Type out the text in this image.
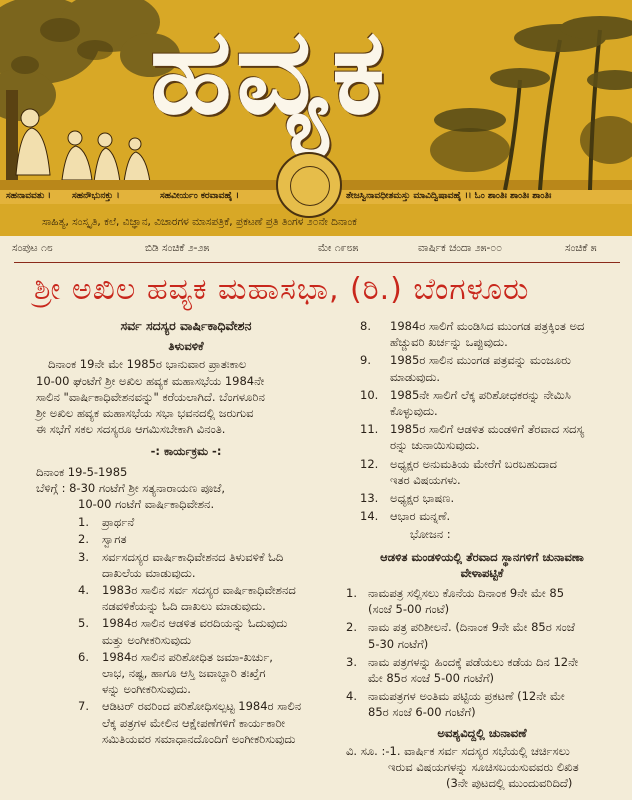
ಹವ್ಯಕ
ಸಹನಾವವತು । ಸಹನೌಭುನಕ್ತು ।	ಸಹವೀರ್ಯಂ ಕರವಾವಹೈ ।	ತೇಜಸ್ವಿನಾವಧೀತಮಸ್ತು ಮಾವಿದ್ವಿಷಾವಹೈ ।। ಓಂ ಶಾಂತಿಃ ಶಾಂತಿಃ ಶಾಂತಿಃ
ಸಾಹಿತ್ಯ, ಸಂಸ್ಕೃತಿ, ಕಲೆ, ವಿಜ್ಞಾನ, ವಿಚಾರಗಳ ಮಾಸಪತ್ರಿಕೆ, ಪ್ರಕಟಣೆ ಪ್ರತಿ ತಿಂಗಳ ೨೦ನೇ ದಿನಾಂಕ
ಸಂಪುಟ ೧೮	ಬಿಡಿ ಸಂಚಿಕೆ ೨-೨೫	ಮೇ ೧೯೮೫	ವಾರ್ಷಿಕ ಚಂದಾ ೨೫-೦೦	ಸಂಚಿಕೆ ೫
ಶ್ರೀ ಅಖಿಲ ಹವ್ಯಕ ಮಹಾಸಭಾ, (ರಿ.) ಬೆಂಗಳೂರು

ಸರ್ವ ಸದಸ್ಯರ ವಾರ್ಷಿಕಾಧಿವೇಶನ

ತಿಳುವಳಿಕೆ

ದಿನಾಂಕ 19ನೇ ಮೇ 1985ರ ಭಾನುವಾರ ಪ್ರಾತಃಕಾಲ

10-00 ಘಂಟೆಗೆ ಶ್ರೀ ಅಖಿಲ ಹವ್ಯಕ ಮಹಾಸಭೆಯ 1984ನೇ

ಸಾಲಿನ "ವಾರ್ಷಿಕಾಧಿವೇಶನವನ್ನು" ಕರೆಯಲಾಗಿದೆ. ಬೆಂಗಳೂರಿನ

ಶ್ರೀ ಅಖಿಲ ಹವ್ಯಕ ಮಹಾಸಭೆಯ ಸಭಾ ಭವನದಲ್ಲಿ ಜರುಗುವ

ಈ ಸಭೆಗೆ ಸಕಲ ಸದಸ್ಯರೂ ಆಗಮಿಸಬೇಕಾಗಿ ವಿನಂತಿ.

-: ಕಾರ್ಯಕ್ರಮ -:

ದಿನಾಂಕ 19-5-1985

ಬೆಳಿಗ್ಗೆ : 8-30 ಗಂಟೆಗೆ ಶ್ರೀ ಸತ್ಯನಾರಾಯಣ ಪೂಜೆ,

10-00 ಗಂಟೆಗೆ ವಾರ್ಷಿಕಾಧಿವೇಶನ.

1.	ಪ್ರಾರ್ಥನೆ
2.	ಸ್ವಾಗತ
3.	ಸರ್ವಸದಸ್ಯರ ವಾರ್ಷಿಕಾಧಿವೇಶನದ ತಿಳುವಳಿಕೆ ಓದಿ
ದಾಖಲೆಯ ಮಾಡುವುದು.
4.	1983ರ ಸಾಲಿನ ಸರ್ವ ಸದಸ್ಯರ ವಾರ್ಷಿಕಾಧಿವೇಶನದ
ನಡವಳಿಕೆಯನ್ನು ಓದಿ ದಾಖಲು ಮಾಡುವುದು.
5.	1984ರ ಸಾಲಿನ ಆಡಳಿತ ವರದಿಯನ್ನು ಓದುವುದು
ಮತ್ತು ಅಂಗೀಕರಿಸುವುದು
6.	1984ರ ಸಾಲಿನ ಪರಿಶೋಧಿತ ಜಮಾ-ಖರ್ಚು,
ಲಾಭ, ನಷ್ಟ, ಹಾಗೂ ಆಸ್ತಿ ಜವಾಬ್ದಾರಿ ತಃಖ್ತೆಗ
ಳನ್ನು ಅಂಗೀಕರಿಸುವುದು.
7.	ಆಡಿಟರ್ ರವರಿಂದ ಪರಿಶೋಧಿಸಲ್ಪಟ್ಟ 1984ರ ಸಾಲಿನ
ಲೆಕ್ಕ ಪತ್ರಗಳ ಮೇಲಿನ ಆಕ್ಷೇಪಣೆಗಳಿಗೆ ಕಾರ್ಯಕಾರೀ
ಸಮಿತಿಯವರ ಸಮಾಧಾನದೊಂದಿಗೆ ಅಂಗೀಕರಿಸುವುದು
8.	1984ರ ಸಾಲಿಗೆ ಮಂಡಿಸಿದ ಮುಂಗಡ ಪತ್ರಕ್ಕಿಂತ ಅದ
ಹೆಚ್ಚುವರಿ ಖರ್ಚನ್ನು ಒಪ್ಪುವುದು.
9.	1985ರ ಸಾಲಿನ ಮುಂಗಡ ಪತ್ರವನ್ನು ಮಂಜೂರು
ಮಾಡುವುದು.
10.	1985ನೇ ಸಾಲಿಗೆ ಲೆಕ್ಕ ಪರಿಶೋಧಕರನ್ನು ನೇಮಿಸಿ
ಕೊಳ್ಳುವುದು.
11.	1985ರ ಸಾಲಿಗೆ ಆಡಳಿತ ಮಂಡಳಿಗೆ ತೆರವಾದ ಸದಸ್ಯ
ರನ್ನು ಚುನಾಯಿಸುವುದು.
12.	ಅಧ್ಯಕ್ಷರ ಅನುಮತಿಯ ಮೇರೆಗೆ ಬರಬಹುದಾದ
ಇತರ ವಿಷಯಗಳು.
13.	ಅಧ್ಯಕ್ಷರ ಭಾಷಣ.
14.	ಆಭಾರ ಮನ್ನಣೆ.

ಭೋಜನ :

ಆಡಳಿತ ಮಂಡಳಿಯಲ್ಲಿ ತೆರವಾದ ಸ್ಥಾನಗಳಿಗೆ ಚುನಾವಣಾ

ವೇಳಾಪಟ್ಟಿಕೆ

1. ನಾಮಪತ್ರ ಸಲ್ಲಿಸಲು ಕೊನೆಯ ದಿನಾಂಕ 9ನೇ ಮೇ 85
(ಸಂಜೆ 5-00 ಗಂಟೆ)
2. ನಾಮ ಪತ್ರ ಪರಿಶೀಲನೆ. (ದಿನಾಂಕ 9ನೇ ಮೇ 85ರ ಸಂಜೆ
5-30 ಗಂಟೆಗೆ)
3. ನಾಮ ಪತ್ರಗಳನ್ನು ಹಿಂದಕ್ಕೆ ಪಡೆಯಲು ಕಡೆಯ ದಿನ 12ನೇ
ಮೇ 85ರ ಸಂಜೆ 5-00 ಗಂಟೆಗೆ)
4. ನಾಮಪತ್ರಗಳ ಅಂತಿಮ ಪಟ್ಟಿಯ ಪ್ರಕಟಣೆ (12ನೇ ಮೇ
85ರ ಸಂಜೆ 6-00 ಗಂಟೆಗೆ)

ಅವಶ್ಯವಿದ್ದಲ್ಲಿ ಚುನಾವಣೆ

ವಿ. ಸೂ. :-1. ವಾರ್ಷಿಕ ಸರ್ವ ಸದಸ್ಯರ ಸಭೆಯಲ್ಲಿ ಚರ್ಚಿಸಲು

ಇರುವ ವಿಷಯಗಳನ್ನು ಸೂಚಿಸಬಯಸುವವರು ಲಿಖಿತ

(3ನೇ ಪುಟದಲ್ಲಿ ಮುಂದುವರಿದಿದೆ)
